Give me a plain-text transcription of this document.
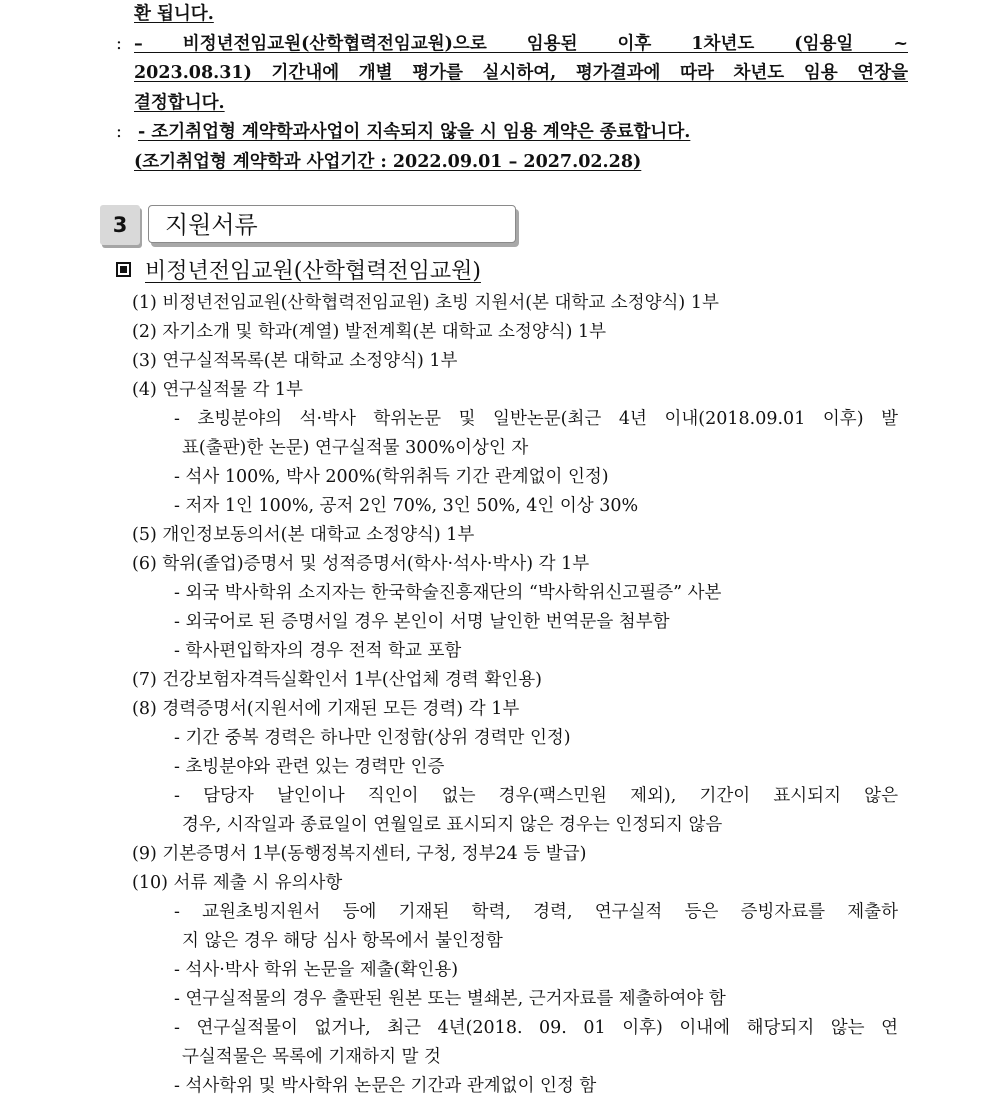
환 됩니다.
: – 비정년전임교원(산학협력전임교원)으로 임용된 이후 1차년도 (임용일 ~
2023.08.31) 기간내에 개별 평가를 실시하여, 평가결과에 따라 차년도 임용 연장을
결정합니다.
: - 조기취업형 계약학과사업이 지속되지 않을 시 임용 계약은 종료합니다.
(조기취업형 계약학과 사업기간 : 2022.09.01 – 2027.02.28)
3	지원서류
비정년전임교원(산학협력전임교원)
(1) 비정년전임교원(산학협력전임교원) 초빙 지원서(본 대학교 소정양식) 1부
(2) 자기소개 및 학과(계열) 발전계획(본 대학교 소정양식) 1부
(3) 연구실적목록(본 대학교 소정양식) 1부
(4) 연구실적물 각 1부
- 초빙분야의 석·박사 학위논문 및 일반논문(최근 4년 이내(2018.09.01 이후) 발
표(출판)한 논문) 연구실적물 300%이상인 자
- 석사 100%, 박사 200%(학위취득 기간 관계없이 인정)
- 저자 1인 100%, 공저 2인 70%, 3인 50%, 4인 이상 30%
(5) 개인정보동의서(본 대학교 소정양식) 1부
(6) 학위(졸업)증명서 및 성적증명서(학사·석사·박사) 각 1부
- 외국 박사학위 소지자는 한국학술진흥재단의 “박사학위신고필증” 사본
- 외국어로 된 증명서일 경우 본인이 서명 날인한 번역문을 첨부함
- 학사편입학자의 경우 전적 학교 포함
(7) 건강보험자격득실확인서 1부(산업체 경력 확인용)
(8) 경력증명서(지원서에 기재된 모든 경력) 각 1부
- 기간 중복 경력은 하나만 인정함(상위 경력만 인정)
- 초빙분야와 관련 있는 경력만 인증
- 담당자 날인이나 직인이 없는 경우(팩스민원 제외), 기간이 표시되지 않은
경우, 시작일과 종료일이 연월일로 표시되지 않은 경우는 인정되지 않음
(9) 기본증명서 1부(동행정복지센터, 구청, 정부24 등 발급)
(10) 서류 제출 시 유의사항
- 교원초빙지원서 등에 기재된 학력, 경력, 연구실적 등은 증빙자료를 제출하
지 않은 경우 해당 심사 항목에서 불인정함
- 석사·박사 학위 논문을 제출(확인용)
- 연구실적물의 경우 출판된 원본 또는 별쇄본, 근거자료를 제출하여야 함
- 연구실적물이 없거나, 최근 4년(2018. 09. 01 이후) 이내에 해당되지 않는 연
구실적물은 목록에 기재하지 말 것
- 석사학위 및 박사학위 논문은 기간과 관계없이 인정 함
